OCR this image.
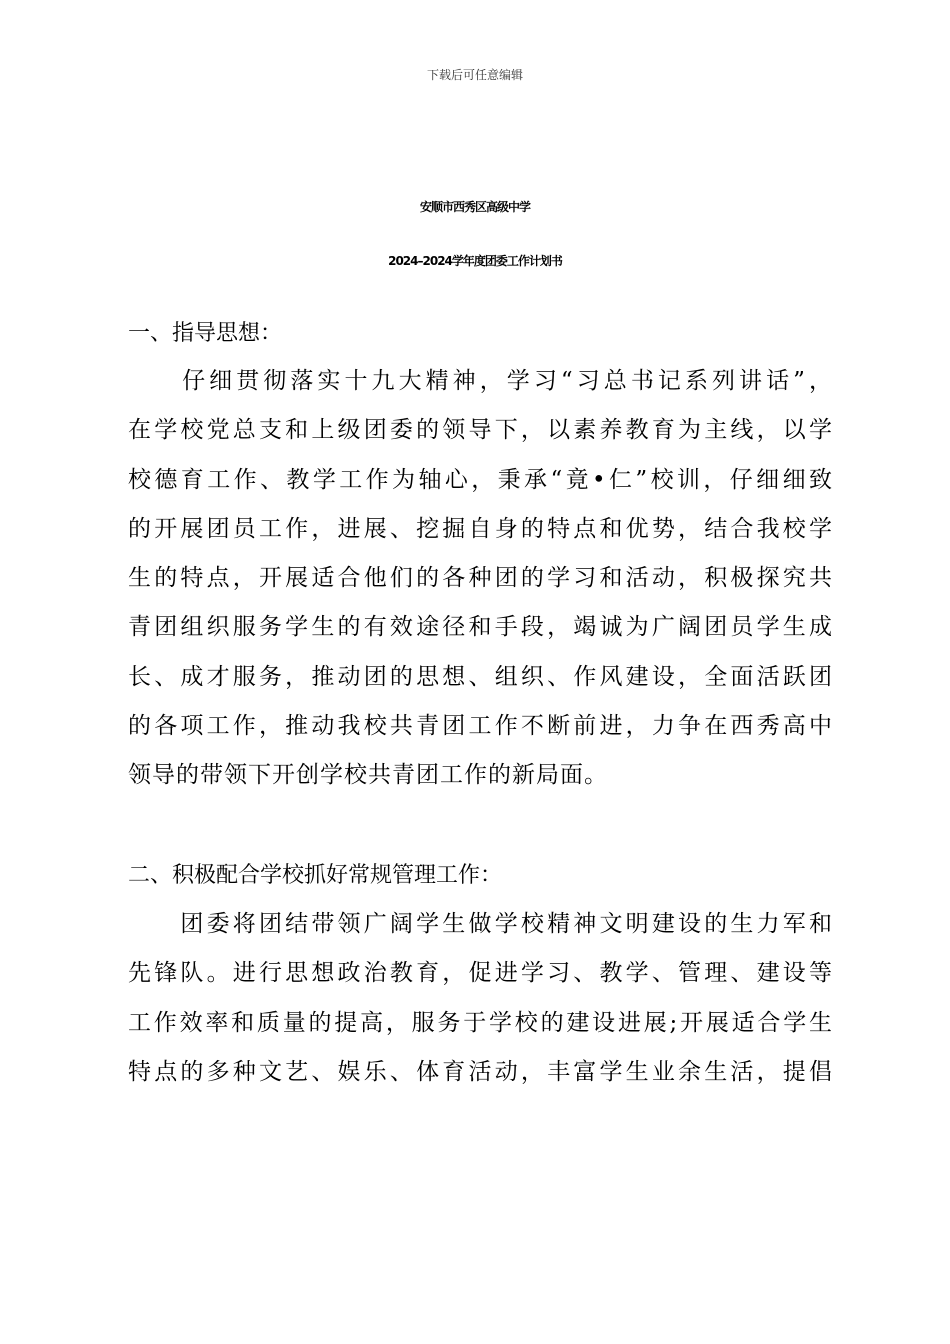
下载后可任意编辑
安顺市西秀区高级中学
2024–2024学年度团委工作计划书
一、指导思想：
　　仔细贯彻落实十九大精神，学习“习总书记系列讲话”，
在学校党总支和上级团委的领导下，以素养教育为主线，以学
校德育工作、教学工作为轴心，秉承“竟•仁”校训，仔细细致
的开展团员工作，进展、挖掘自身的特点和优势，结合我校学
生的特点，开展适合他们的各种团的学习和活动，积极探究共
青团组织服务学生的有效途径和手段，竭诚为广阔团员学生成
长、成才服务，推动团的思想、组织、作风建设，全面活跃团
的各项工作，推动我校共青团工作不断前进，力争在西秀高中
领导的带领下开创学校共青团工作的新局面。
二、积极配合学校抓好常规管理工作：
　　团委将团结带领广阔学生做学校精神文明建设的生力军和
先锋队。进行思想政治教育，促进学习、教学、管理、建设等
工作效率和质量的提高，服务于学校的建设进展;开展适合学生
特点的多种文艺、娱乐、体育活动，丰富学生业余生活，提倡
